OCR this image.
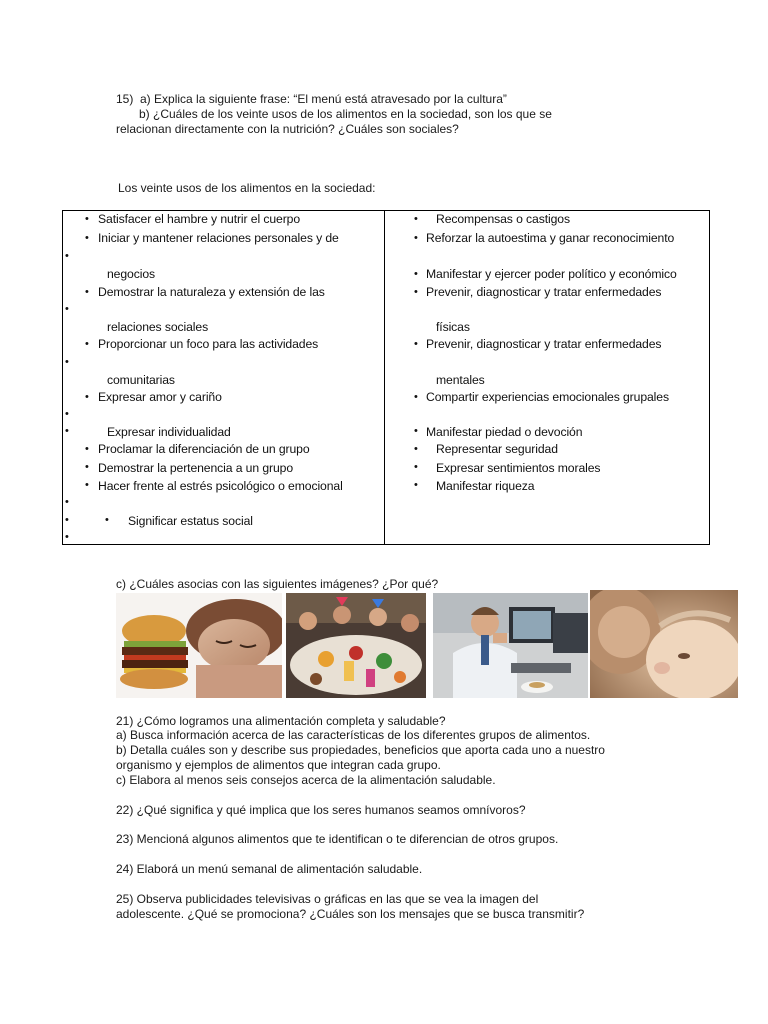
15)  a) Explica la siguiente frase: “El menú está atravesado por la cultura”
b) ¿Cuáles de los veinte usos de los alimentos en la sociedad, son los que se
relacionan directamente con la nutrición? ¿Cuáles son sociales?
Los veinte usos de los alimentos en la sociedad:
•
•
•
•
•
•
•
•
•
•
•
•
•
•
•	•
•
Satisfacer el hambre y nutrir el cuerpo
Iniciar y mantener relaciones personales y de
negocios
Demostrar la naturaleza y extensión de las
relaciones sociales
Proporcionar un foco para las actividades
comunitarias
Expresar amor y cariño
Expresar individualidad
Proclamar la diferenciación de un grupo
Demostrar la pertenencia a un grupo
Hacer frente al estrés psicológico o emocional
Significar estatus social
•
•
•
•
•
•
•
•
•
•
Recompensas o castigos
Reforzar la autoestima y ganar reconocimiento
Manifestar y ejercer poder político y económico
Prevenir, diagnosticar y tratar enfermedades
físicas
Prevenir, diagnosticar y tratar enfermedades
mentales
Compartir experiencias emocionales grupales
Manifestar piedad o devoción
Representar seguridad
Expresar sentimientos morales
Manifestar riqueza
c) ¿Cuáles asocias con las siguientes imágenes? ¿Por qué?
21) ¿Cómo logramos una alimentación completa y saludable?
a) Busca información acerca de las características de los diferentes grupos de alimentos.
b) Detalla cuáles son y describe sus propiedades, beneficios que aporta cada uno a nuestro
organismo y ejemplos de alimentos que integran cada grupo.
c) Elabora al menos seis consejos acerca de la alimentación saludable.
22) ¿Qué significa y qué implica que los seres humanos seamos omnívoros?
23) Mencioná algunos alimentos que te identifican o te diferencian de otros grupos.
24) Elaborá un menú semanal de alimentación saludable.
25) Observa publicidades televisivas o gráficas en las que se vea la imagen del
adolescente. ¿Qué se promociona? ¿Cuáles son los mensajes que se busca transmitir?
